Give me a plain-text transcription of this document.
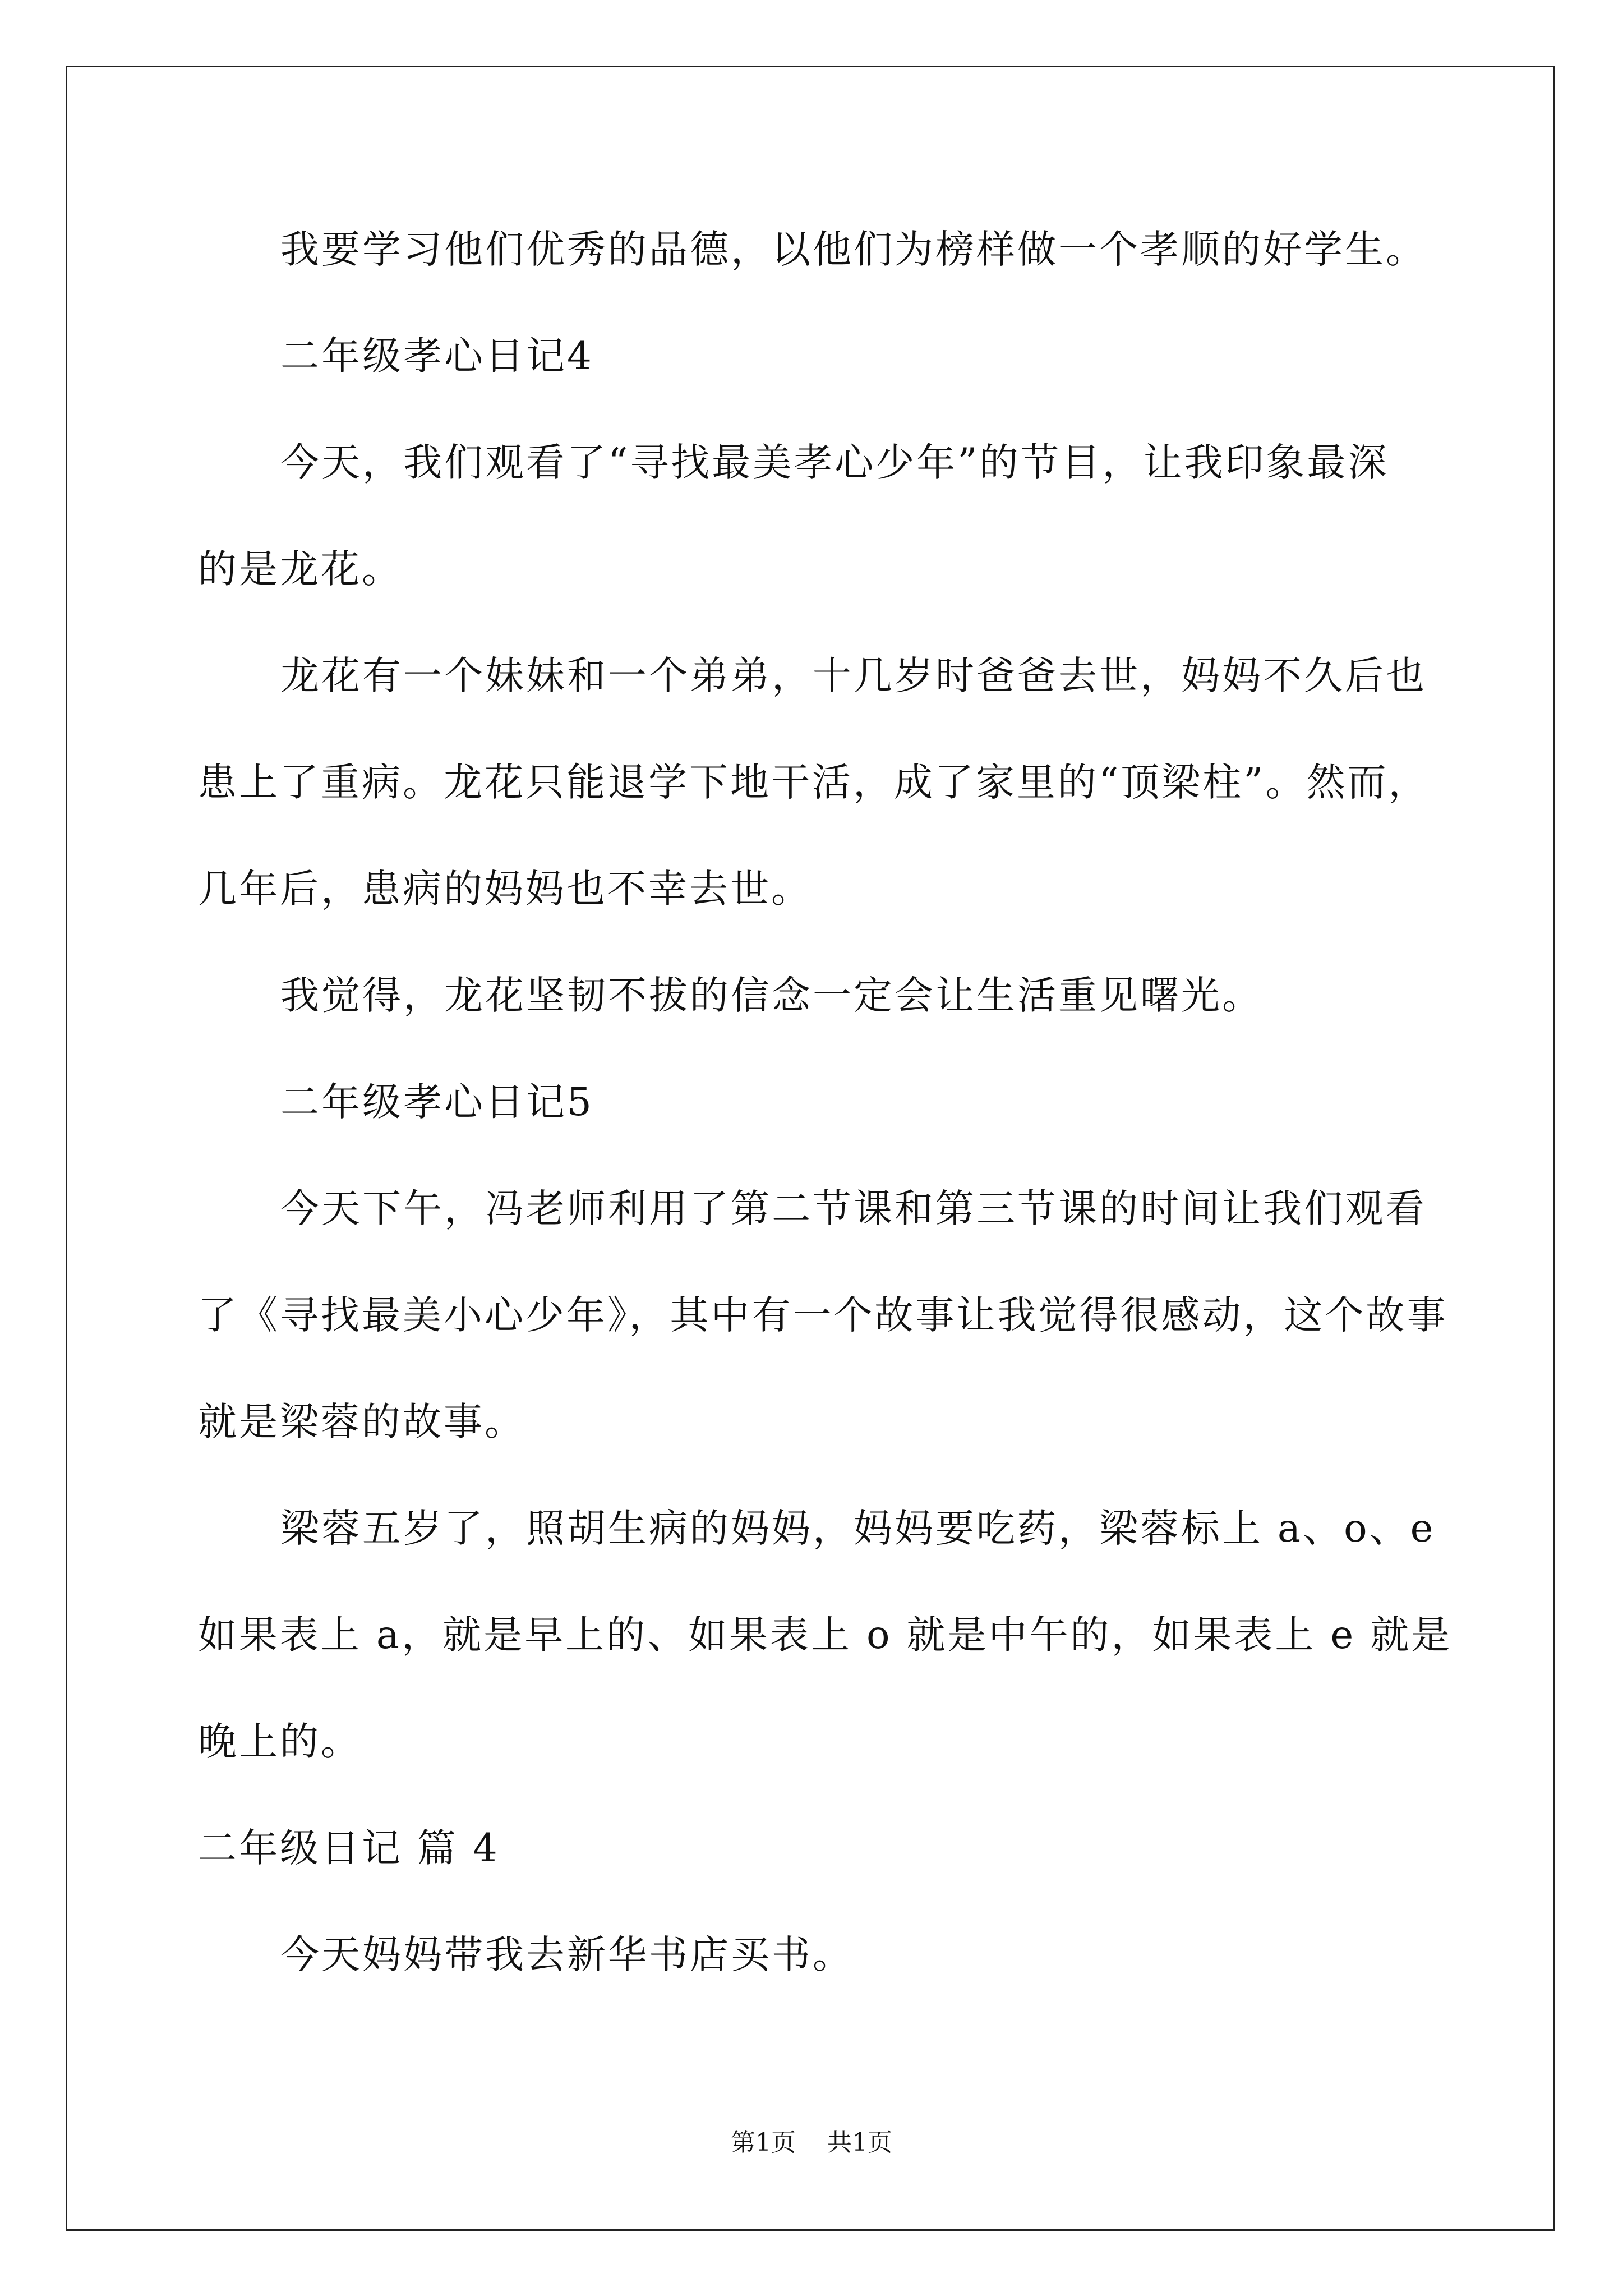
我要学习他们优秀的品德，以他们为榜样做一个孝顺的好学生。
二年级孝心日记4
今天，我们观看了“寻找最美孝心少年”的节目，让我印象最深
的是龙花。
龙花有一个妹妹和一个弟弟，十几岁时爸爸去世，妈妈不久后也
患上了重病。龙花只能退学下地干活，成了家里的“顶梁柱”。然而，
几年后，患病的妈妈也不幸去世。
我觉得，龙花坚韧不拔的信念一定会让生活重见曙光。
二年级孝心日记5
今天下午，冯老师利用了第二节课和第三节课的时间让我们观看
了《寻找最美小心少年》，其中有一个故事让我觉得很感动，这个故事
就是梁蓉的故事。
梁蓉五岁了，照胡生病的妈妈，妈妈要吃药，梁蓉标上 a、o、e
如果表上 a，就是早上的、如果表上 o 就是中午的，如果表上 e 就是
晚上的。
二年级日记 篇 4
今天妈妈带我去新华书店买书。
第1页    共1页
